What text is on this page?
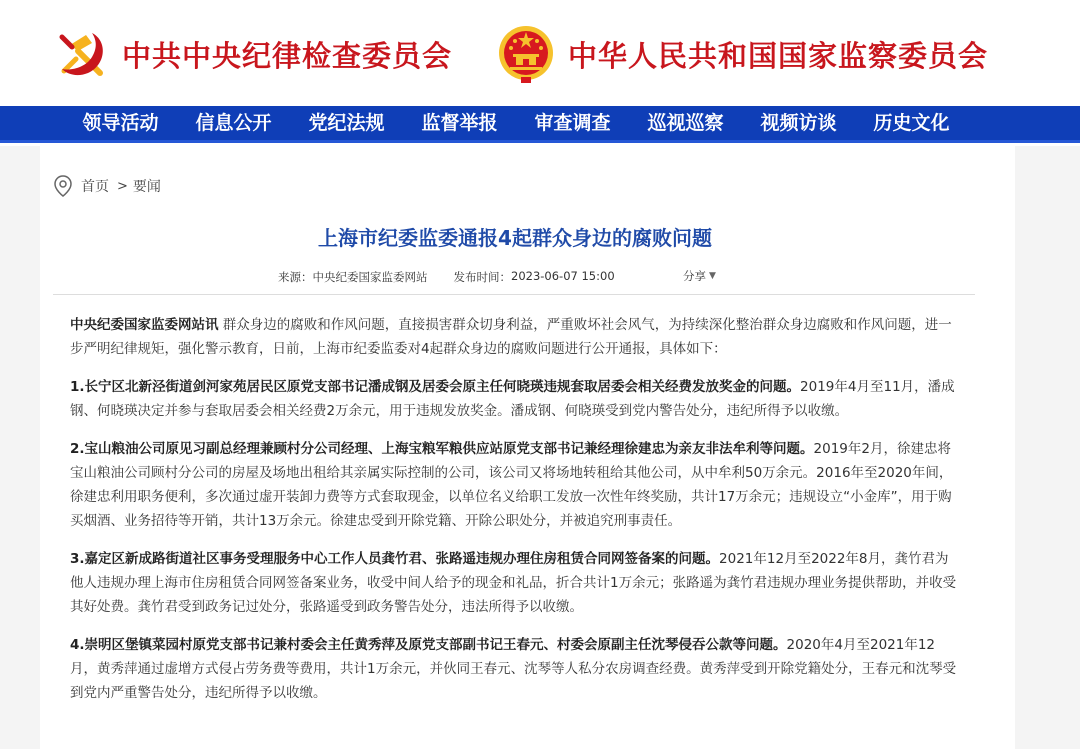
中共中央纪律检查委员会	中华人民共和国国家监察委员会
领导活动	信息公开	党纪法规	监督举报	审查调查	巡视巡察	视频访谈	历史文化
首页 > 要闻
上海市纪委监委通报4起群众身边的腐败问题
来源： 中央纪委国家监委网站 发布时间： 2023-06-07 15:00	分享 ▼

中央纪委国家监委网站讯 群众身边的腐败和作风问题，直接损害群众切身利益，严重败坏社会风气，为持续深化整治群众身边腐败和作风问题，进一步严明纪律规矩，强化警示教育，日前，上海市纪委监委对4起群众身边的腐败问题进行公开通报，具体如下：

1.长宁区北新泾街道剑河家苑居民区原党支部书记潘成钢及居委会原主任何晓瑛违规套取居委会相关经费发放奖金的问题。2019年4月至11月，潘成钢、何晓瑛决定并参与套取居委会相关经费2万余元，用于违规发放奖金。潘成钢、何晓瑛受到党内警告处分，违纪所得予以收缴。

2.宝山粮油公司原见习副总经理兼顾村分公司经理、上海宝粮军粮供应站原党支部书记兼经理徐建忠为亲友非法牟利等问题。2019年2月，徐建忠将宝山粮油公司顾村分公司的房屋及场地出租给其亲属实际控制的公司，该公司又将场地转租给其他公司，从中牟利50万余元。2016年至2020年间，徐建忠利用职务便利，多次通过虚开装卸力费等方式套取现金，以单位名义给职工发放一次性年终奖励，共计17万余元；违规设立“小金库”，用于购买烟酒、业务招待等开销，共计13万余元。徐建忠受到开除党籍、开除公职处分，并被追究刑事责任。

3.嘉定区新成路街道社区事务受理服务中心工作人员龚竹君、张路遥违规办理住房租赁合同网签备案的问题。2021年12月至2022年8月，龚竹君为他人违规办理上海市住房租赁合同网签备案业务，收受中间人给予的现金和礼品，折合共计1万余元；张路遥为龚竹君违规办理业务提供帮助，并收受其好处费。龚竹君受到政务记过处分，张路遥受到政务警告处分，违法所得予以收缴。

4.崇明区堡镇菜园村原党支部书记兼村委会主任黄秀萍及原党支部副书记王春元、村委会原副主任沈琴侵吞公款等问题。2020年4月至2021年12月，黄秀萍通过虚增方式侵占劳务费等费用，共计1万余元，并伙同王春元、沈琴等人私分农房调查经费。黄秀萍受到开除党籍处分，王春元和沈琴受到党内严重警告处分，违纪所得予以收缴。
